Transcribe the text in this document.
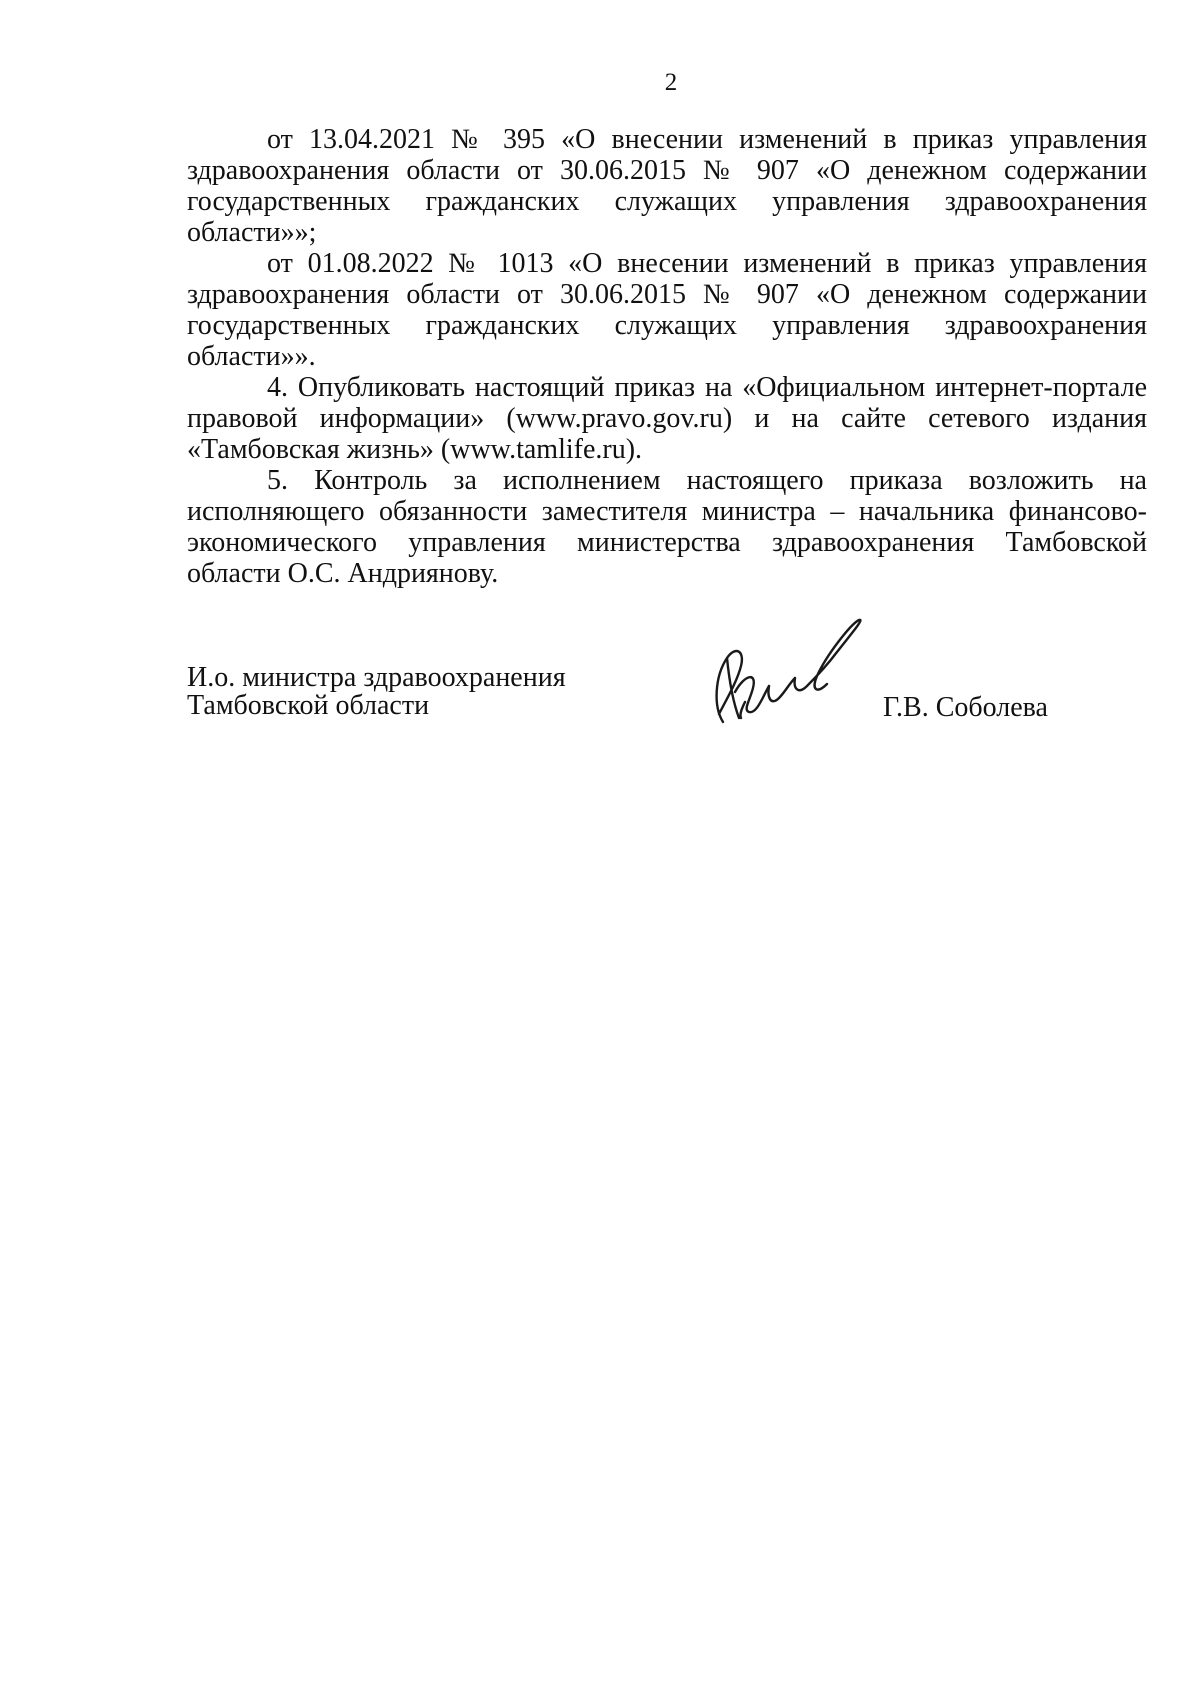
2

от 13.04.2021 № 395 «О внесении изменений в приказ управления здравоохранения области от 30.06.2015 № 907 «О денежном содержании государственных гражданских служащих управления здравоохранения области»»;

от 01.08.2022 № 1013 «О внесении изменений в приказ управления здравоохранения области от 30.06.2015 № 907 «О денежном содержании государственных гражданских служащих управления здравоохранения области»».

4. Опубликовать настоящий приказ на «Официальном интернет-портале правовой информации» (www.pravo.gov.ru) и на сайте сетевого издания «Тамбовская жизнь» (www.tamlife.ru).

5. Контроль за исполнением настоящего приказа возложить на исполняющего обязанности заместителя министра – начальника финансово-экономического управления министерства здравоохранения Тамбовской области О.С. Андриянову.

И.о. министра здравоохранения
Тамбовской области	Г.В. Соболева
